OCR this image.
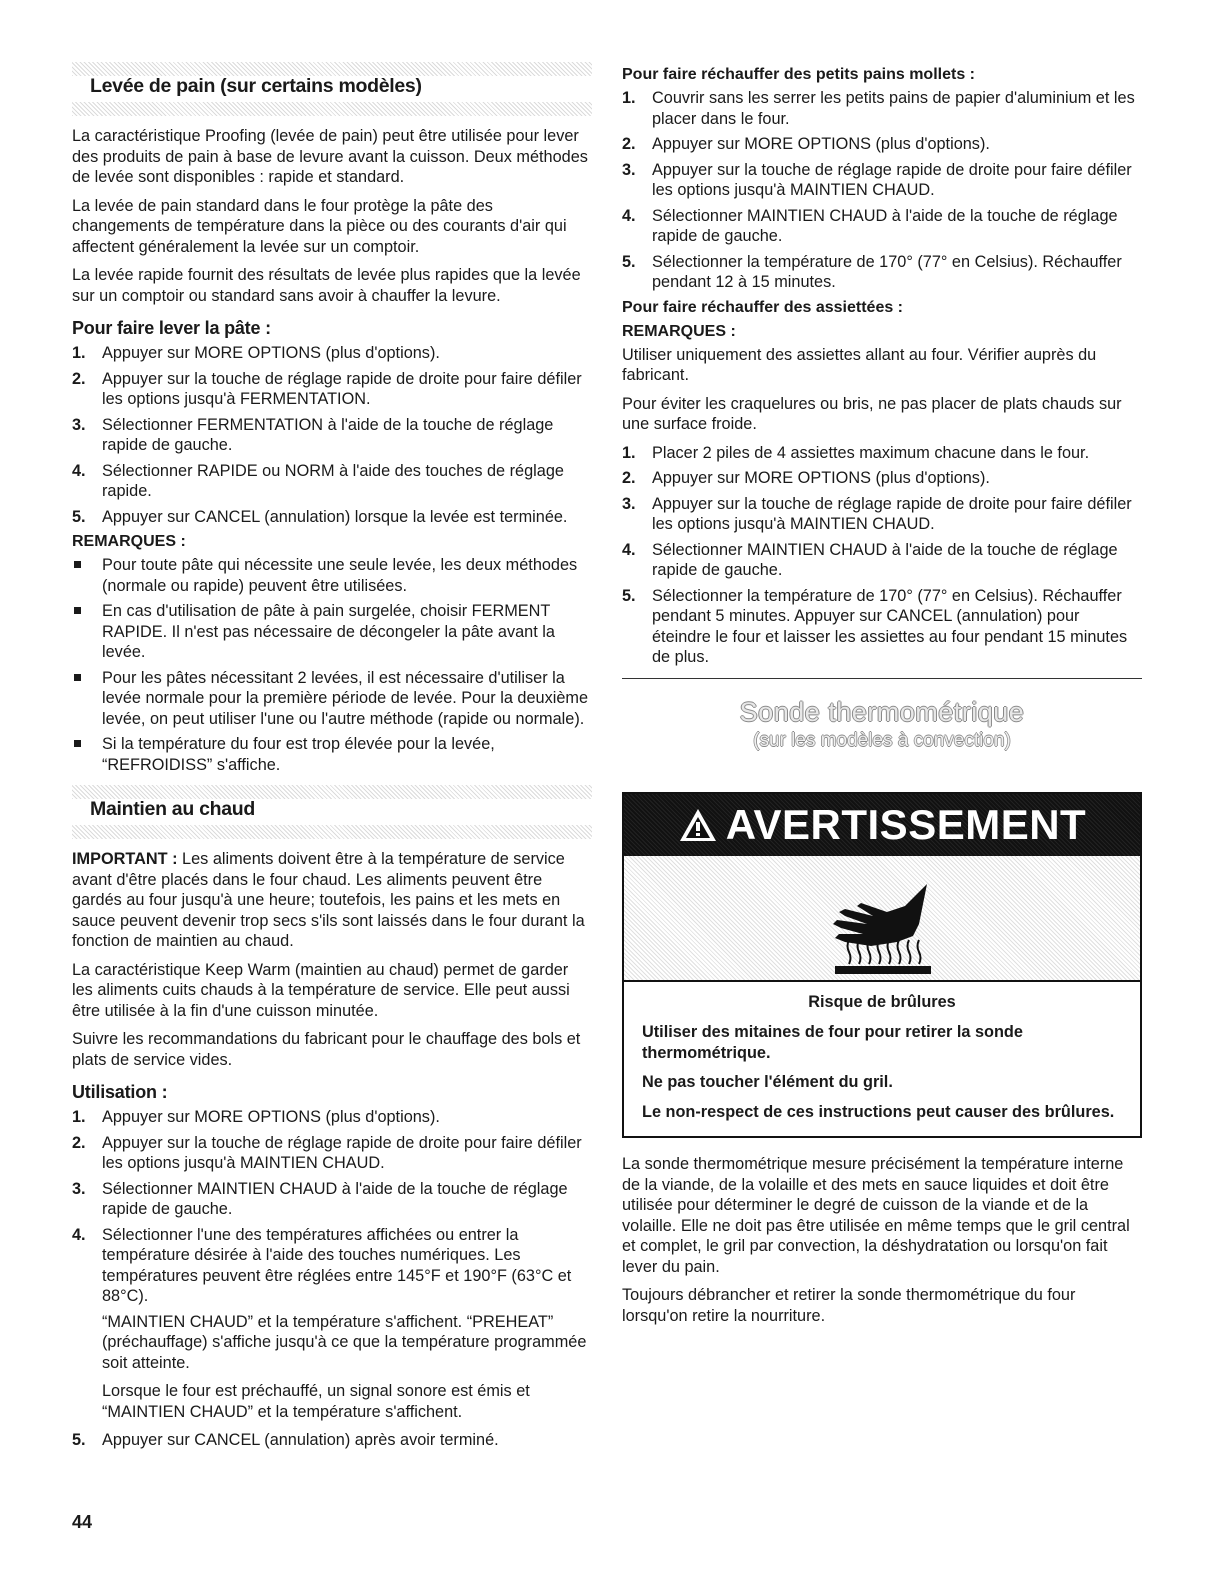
Levée de pain (sur certains modèles)

La caractéristique Proofing (levée de pain) peut être utilisée pour lever des produits de pain à base de levure avant la cuisson. Deux méthodes de levée sont disponibles : rapide et standard.

La levée de pain standard dans le four protège la pâte des changements de température dans la pièce ou des courants d'air qui affectent généralement la levée sur un comptoir.

La levée rapide fournit des résultats de levée plus rapides que la levée sur un comptoir ou standard sans avoir à chauffer la levure.

Pour faire lever la pâte :
1. Appuyer sur MORE OPTIONS (plus d'options).
2. Appuyer sur la touche de réglage rapide de droite pour faire défiler les options jusqu'à FERMENTATION.
3. Sélectionner FERMENTATION à l'aide de la touche de réglage rapide de gauche.
4. Sélectionner RAPIDE ou NORM à l'aide des touches de réglage rapide.
5. Appuyer sur CANCEL (annulation) lorsque la levée est terminée.
REMARQUES :
Pour toute pâte qui nécessite une seule levée, les deux méthodes (normale ou rapide) peuvent être utilisées.
En cas d'utilisation de pâte à pain surgelée, choisir FERMENT RAPIDE. Il n'est pas nécessaire de décongeler la pâte avant la levée.
Pour les pâtes nécessitant 2 levées, il est nécessaire d'utiliser la levée normale pour la première période de levée. Pour la deuxième levée, on peut utiliser l'une ou l'autre méthode (rapide ou normale).
Si la température du four est trop élevée pour la levée, “REFROIDISS” s'affiche.
Maintien au chaud

IMPORTANT : Les aliments doivent être à la température de service avant d'être placés dans le four chaud. Les aliments peuvent être gardés au four jusqu'à une heure; toutefois, les pains et les mets en sauce peuvent devenir trop secs s'ils sont laissés dans le four durant la fonction de maintien au chaud.

La caractéristique Keep Warm (maintien au chaud) permet de garder les aliments cuits chauds à la température de service. Elle peut aussi être utilisée à la fin d'une cuisson minutée.

Suivre les recommandations du fabricant pour le chauffage des bols et plats de service vides.

Utilisation :
1. Appuyer sur MORE OPTIONS (plus d'options).
2. Appuyer sur la touche de réglage rapide de droite pour faire défiler les options jusqu'à MAINTIEN CHAUD.
3. Sélectionner MAINTIEN CHAUD à l'aide de la touche de réglage rapide de gauche.
4. Sélectionner l'une des températures affichées ou entrer la température désirée à l'aide des touches numériques. Les températures peuvent être réglées entre 145°F et 190°F (63°C et 88°C).

“MAINTIEN CHAUD” et la température s'affichent. “PREHEAT” (préchauffage) s'affiche jusqu'à ce que la température programmée soit atteinte.

Lorsque le four est préchauffé, un signal sonore est émis et “MAINTIEN CHAUD” et la température s'affichent.

5. Appuyer sur CANCEL (annulation) après avoir terminé.
Pour faire réchauffer des petits pains mollets :
1. Couvrir sans les serrer les petits pains de papier d'aluminium et les placer dans le four.
2. Appuyer sur MORE OPTIONS (plus d'options).
3. Appuyer sur la touche de réglage rapide de droite pour faire défiler les options jusqu'à MAINTIEN CHAUD.
4. Sélectionner MAINTIEN CHAUD à l'aide de la touche de réglage rapide de gauche.
5. Sélectionner la température de 170° (77° en Celsius). Réchauffer pendant 12 à 15 minutes.
Pour faire réchauffer des assiettées :
REMARQUES :

Utiliser uniquement des assiettes allant au four. Vérifier auprès du fabricant.

Pour éviter les craquelures ou bris, ne pas placer de plats chauds sur une surface froide.

1. Placer 2 piles de 4 assiettes maximum chacune dans le four.
2. Appuyer sur MORE OPTIONS (plus d'options).
3. Appuyer sur la touche de réglage rapide de droite pour faire défiler les options jusqu'à MAINTIEN CHAUD.
4. Sélectionner MAINTIEN CHAUD à l'aide de la touche de réglage rapide de gauche.
5. Sélectionner la température de 170° (77° en Celsius). Réchauffer pendant 5 minutes. Appuyer sur CANCEL (annulation) pour éteindre le four et laisser les assiettes au four pendant 15 minutes de plus.
Sonde thermométrique
(sur les modèles à convection)
AVERTISSEMENT

Risque de brûlures

Utiliser des mitaines de four pour retirer la sonde thermométrique.

Ne pas toucher l'élément du gril.

Le non-respect de ces instructions peut causer des brûlures.

La sonde thermométrique mesure précisément la température interne de la viande, de la volaille et des mets en sauce liquides et doit être utilisée pour déterminer le degré de cuisson de la viande et de la volaille. Elle ne doit pas être utilisée en même temps que le gril central et complet, le gril par convection, la déshydratation ou lorsqu'on fait lever du pain.

Toujours débrancher et retirer la sonde thermométrique du four lorsqu'on retire la nourriture.

44
